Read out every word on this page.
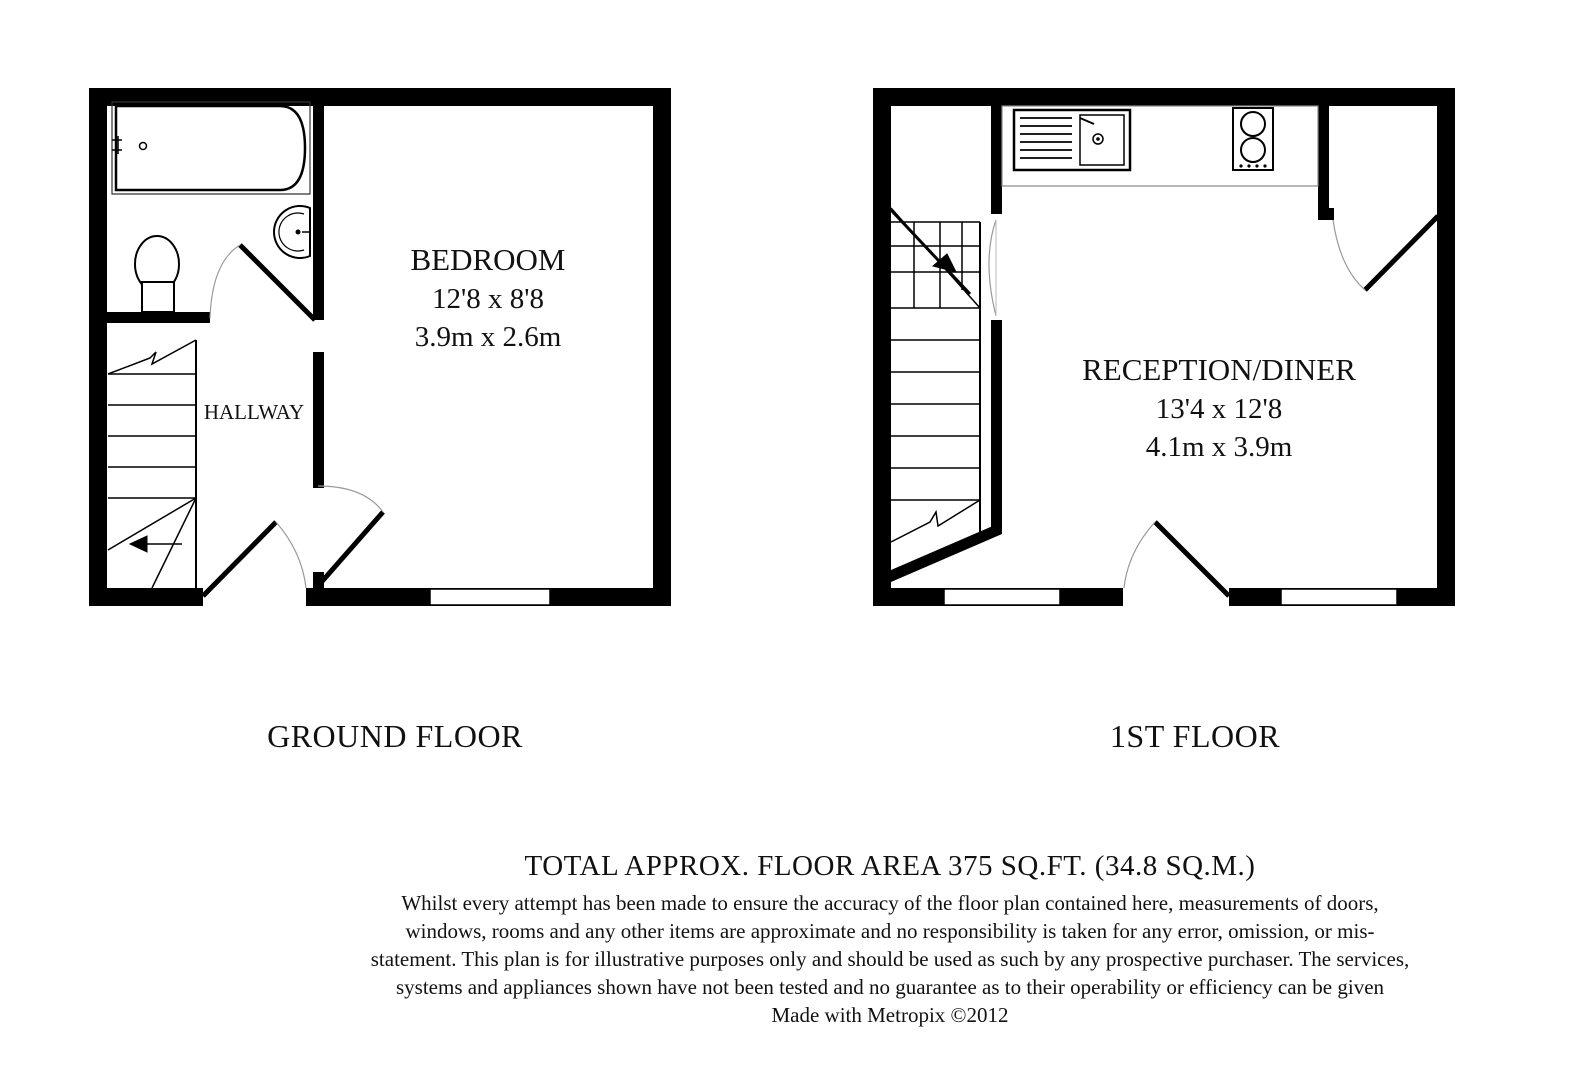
BEDROOM
12'8 x 8'8
3.9m x 2.6m
HALLWAY
RECEPTION/DINER
13'4 x 12'8
4.1m x 3.9m
GROUND FLOOR	1ST FLOOR
TOTAL APPROX. FLOOR AREA 375 SQ.FT. (34.8 SQ.M.)
Whilst every attempt has been made to ensure the accuracy of the floor plan contained here, measurements of doors, windows, rooms and any other items are approximate and no responsibility is taken for any error, omission, or mis-statement. This plan is for illustrative purposes only and should be used as such by any prospective purchaser. The services, systems and appliances shown have not been tested and no guarantee as to their operability or efficiency can be given
Made with Metropix ©2012
